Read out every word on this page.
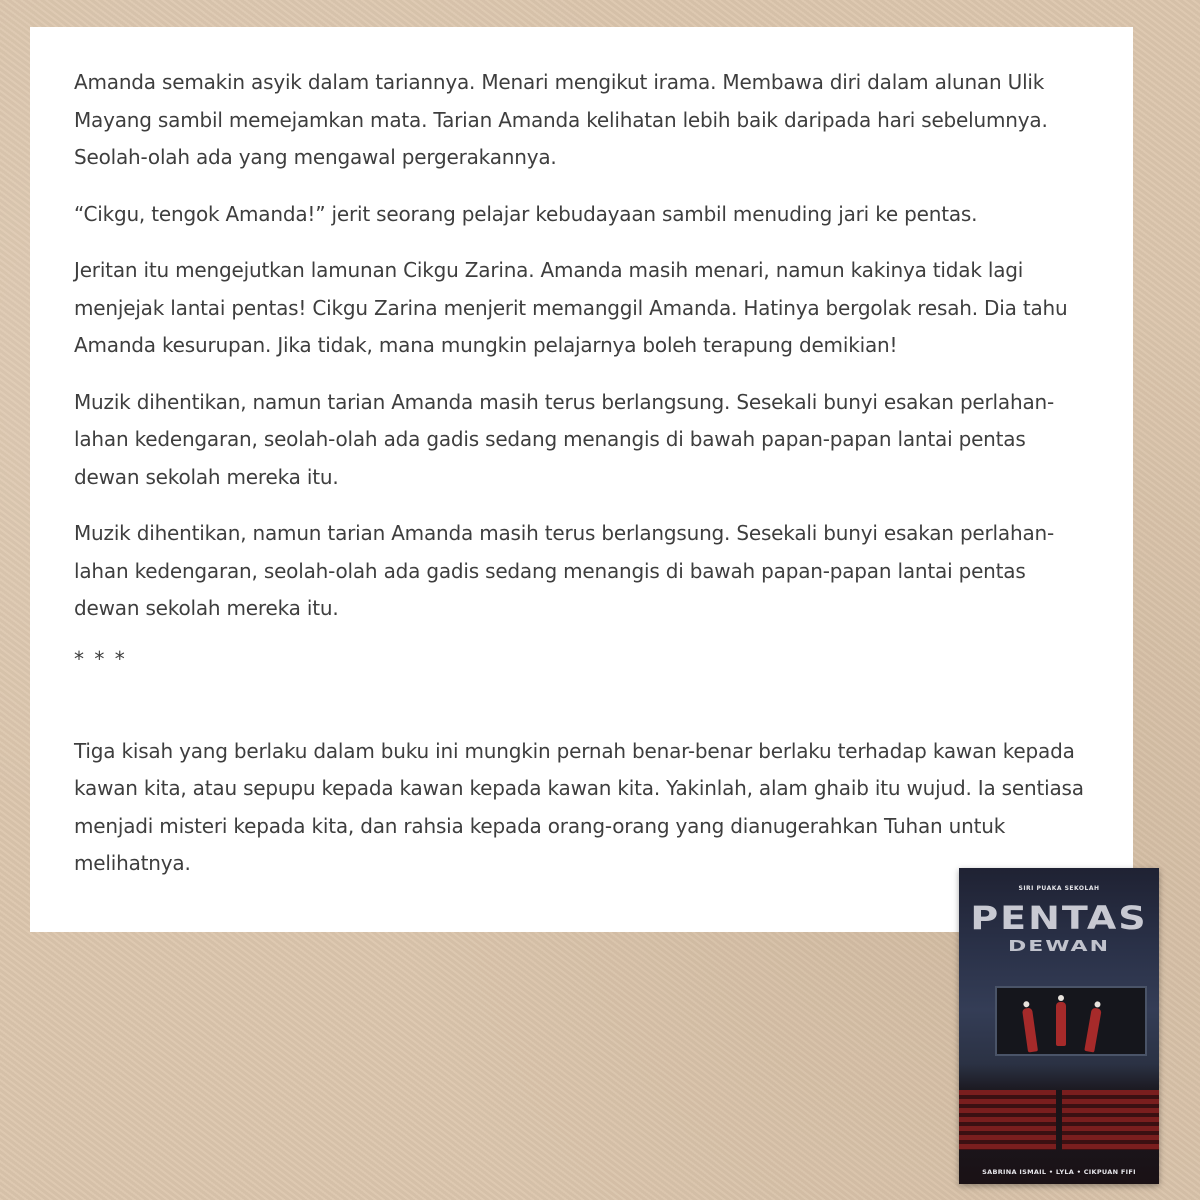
Amanda semakin asyik dalam tariannya. Menari mengikut irama. Membawa diri dalam alunan Ulik Mayang sambil memejamkan mata. Tarian Amanda kelihatan lebih baik daripada hari sebelumnya. Seolah-olah ada yang mengawal pergerakannya.

“Cikgu, tengok Amanda!” jerit seorang pelajar kebudayaan sambil menuding jari ke pentas.

Jeritan itu mengejutkan lamunan Cikgu Zarina. Amanda masih menari, namun kakinya tidak lagi menjejak lantai pentas! Cikgu Zarina menjerit memanggil Amanda. Hatinya bergolak resah. Dia tahu Amanda kesurupan. Jika tidak, mana mungkin pelajarnya boleh terapung demikian!

Muzik dihentikan, namun tarian Amanda masih terus berlangsung. Sesekali bunyi esakan perlahan-lahan kedengaran, seolah-olah ada gadis sedang menangis di bawah papan-papan lantai pentas dewan sekolah mereka itu.

Muzik dihentikan, namun tarian Amanda masih terus berlangsung. Sesekali bunyi esakan perlahan-lahan kedengaran, seolah-olah ada gadis sedang menangis di bawah papan-papan lantai pentas dewan sekolah mereka itu.

* * *

Tiga kisah yang berlaku dalam buku ini mungkin pernah benar-benar berlaku terhadap kawan kepada kawan kita, atau sepupu kepada kawan kepada kawan kita. Yakinlah, alam ghaib itu wujud. Ia sentiasa menjadi misteri kepada kita, dan rahsia kepada orang-orang yang dianugerahkan Tuhan untuk melihatnya.

SIRI PUAKA SEKOLAH
PENTAS
DEWAN
SABRINA ISMAIL • LYLA • CIKPUAN FIFI
